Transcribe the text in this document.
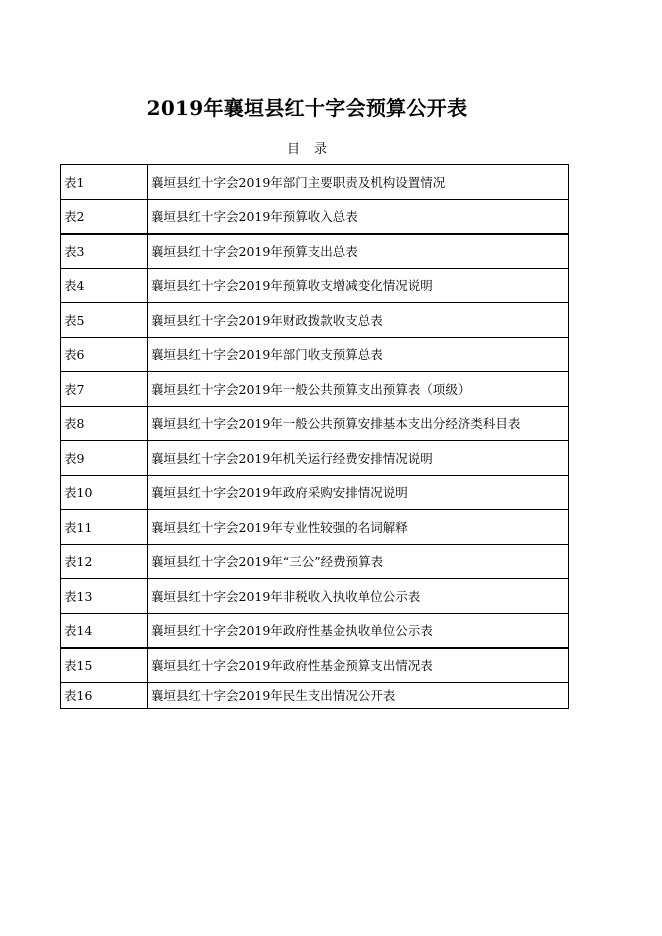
2019年襄垣县红十字会预算公开表
目录
表1	襄垣县红十字会2019年部门主要职责及机构设置情况
表2	襄垣县红十字会2019年预算收入总表
表3	襄垣县红十字会2019年预算支出总表
表4	襄垣县红十字会2019年预算收支增减变化情况说明
表5	襄垣县红十字会2019年财政拨款收支总表
表6	襄垣县红十字会2019年部门收支预算总表
表7	襄垣县红十字会2019年一般公共预算支出预算表（项级）
表8	襄垣县红十字会2019年一般公共预算安排基本支出分经济类科目表
表9	襄垣县红十字会2019年机关运行经费安排情况说明
表10	襄垣县红十字会2019年政府采购安排情况说明
表11	襄垣县红十字会2019年专业性较强的名词解释
表12	襄垣县红十字会2019年“三公”经费预算表
表13	襄垣县红十字会2019年非税收入执收单位公示表
表14	襄垣县红十字会2019年政府性基金执收单位公示表
表15	襄垣县红十字会2019年政府性基金预算支出情况表
表16	襄垣县红十字会2019年民生支出情况公开表
